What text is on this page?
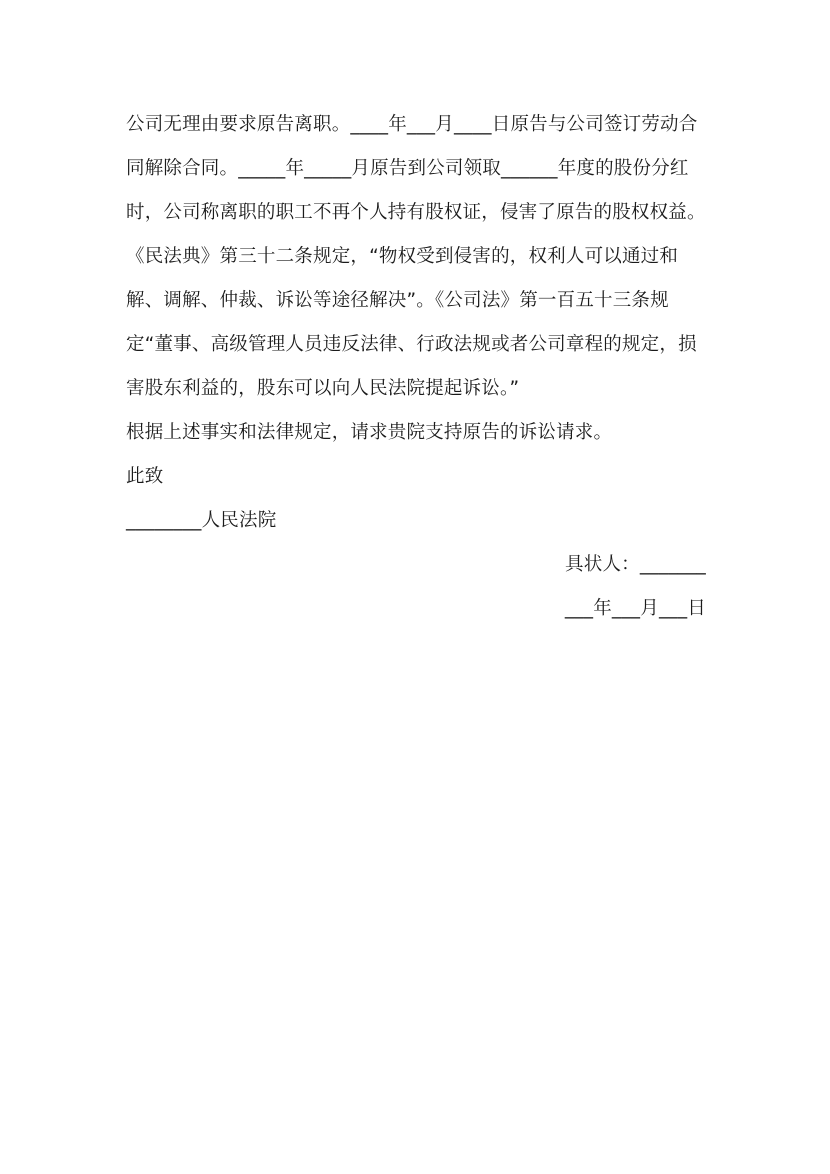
公司无理由要求原告离职。____年___月____日原告与公司签订劳动合同解除合同。_____年_____月原告到公司领取______年度的股份分红时，公司称离职的职工不再个人持有股权证，侵害了原告的股权权益。

《民法典》第三十二条规定，“物权受到侵害的，权利人可以通过和解、调解、仲裁、诉讼等途径解决”。《公司法》第一百五十三条规定“董事、高级管理人员违反法律、行政法规或者公司章程的规定，损害股东利益的，股东可以向人民法院提起诉讼。”

根据上述事实和法律规定，请求贵院支持原告的诉讼请求。

此致

________人民法院

具状人：_______

___年___月___日
